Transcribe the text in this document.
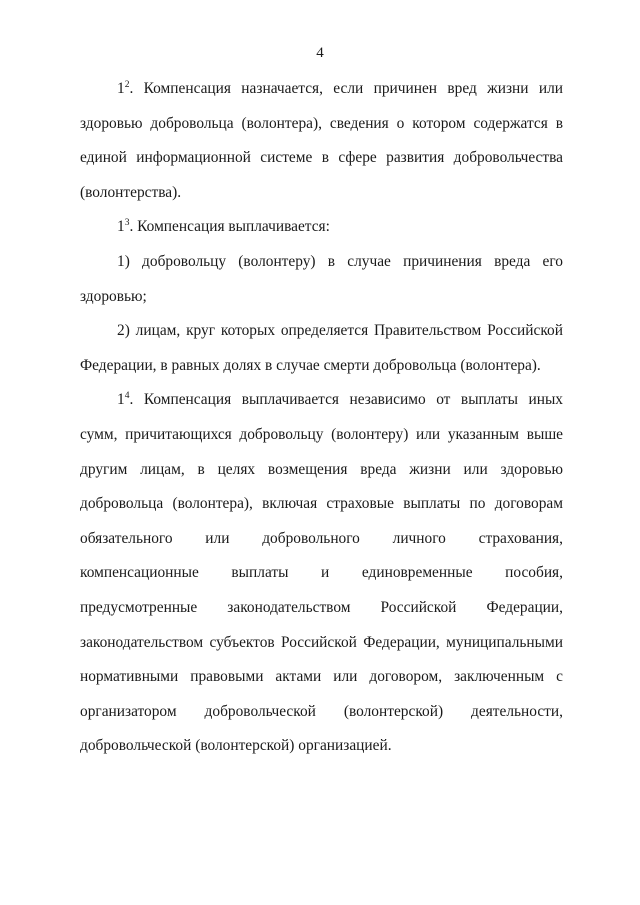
4

$1^2$. Компенсация назначается, если причинен вред жизни или здоровью добровольца (волонтера), сведения о котором содержатся в единой информационной системе в сфере развития добровольчества (волонтерства).

$1^3$. Компенсация выплачивается:

1) добровольцу (волонтеру) в случае причинения вреда его здоровью;

2) лицам, круг которых определяется Правительством Российской Федерации, в равных долях в случае смерти добровольца (волонтера).

$1^4$. Компенсация выплачивается независимо от выплаты иных сумм, причитающихся добровольцу (волонтеру) или указанным выше другим лицам, в целях возмещения вреда жизни или здоровью добровольца (волонтера), включая страховые выплаты по договорам обязательного или добровольного личного страхования, компенсационные выплаты и единовременные пособия, предусмотренные законодательством Российской Федерации, законодательством субъектов Российской Федерации, муниципальными нормативными правовыми актами или договором, заключенным с организатором добровольческой (волонтерской) деятельности, добровольческой (волонтерской) организацией.
